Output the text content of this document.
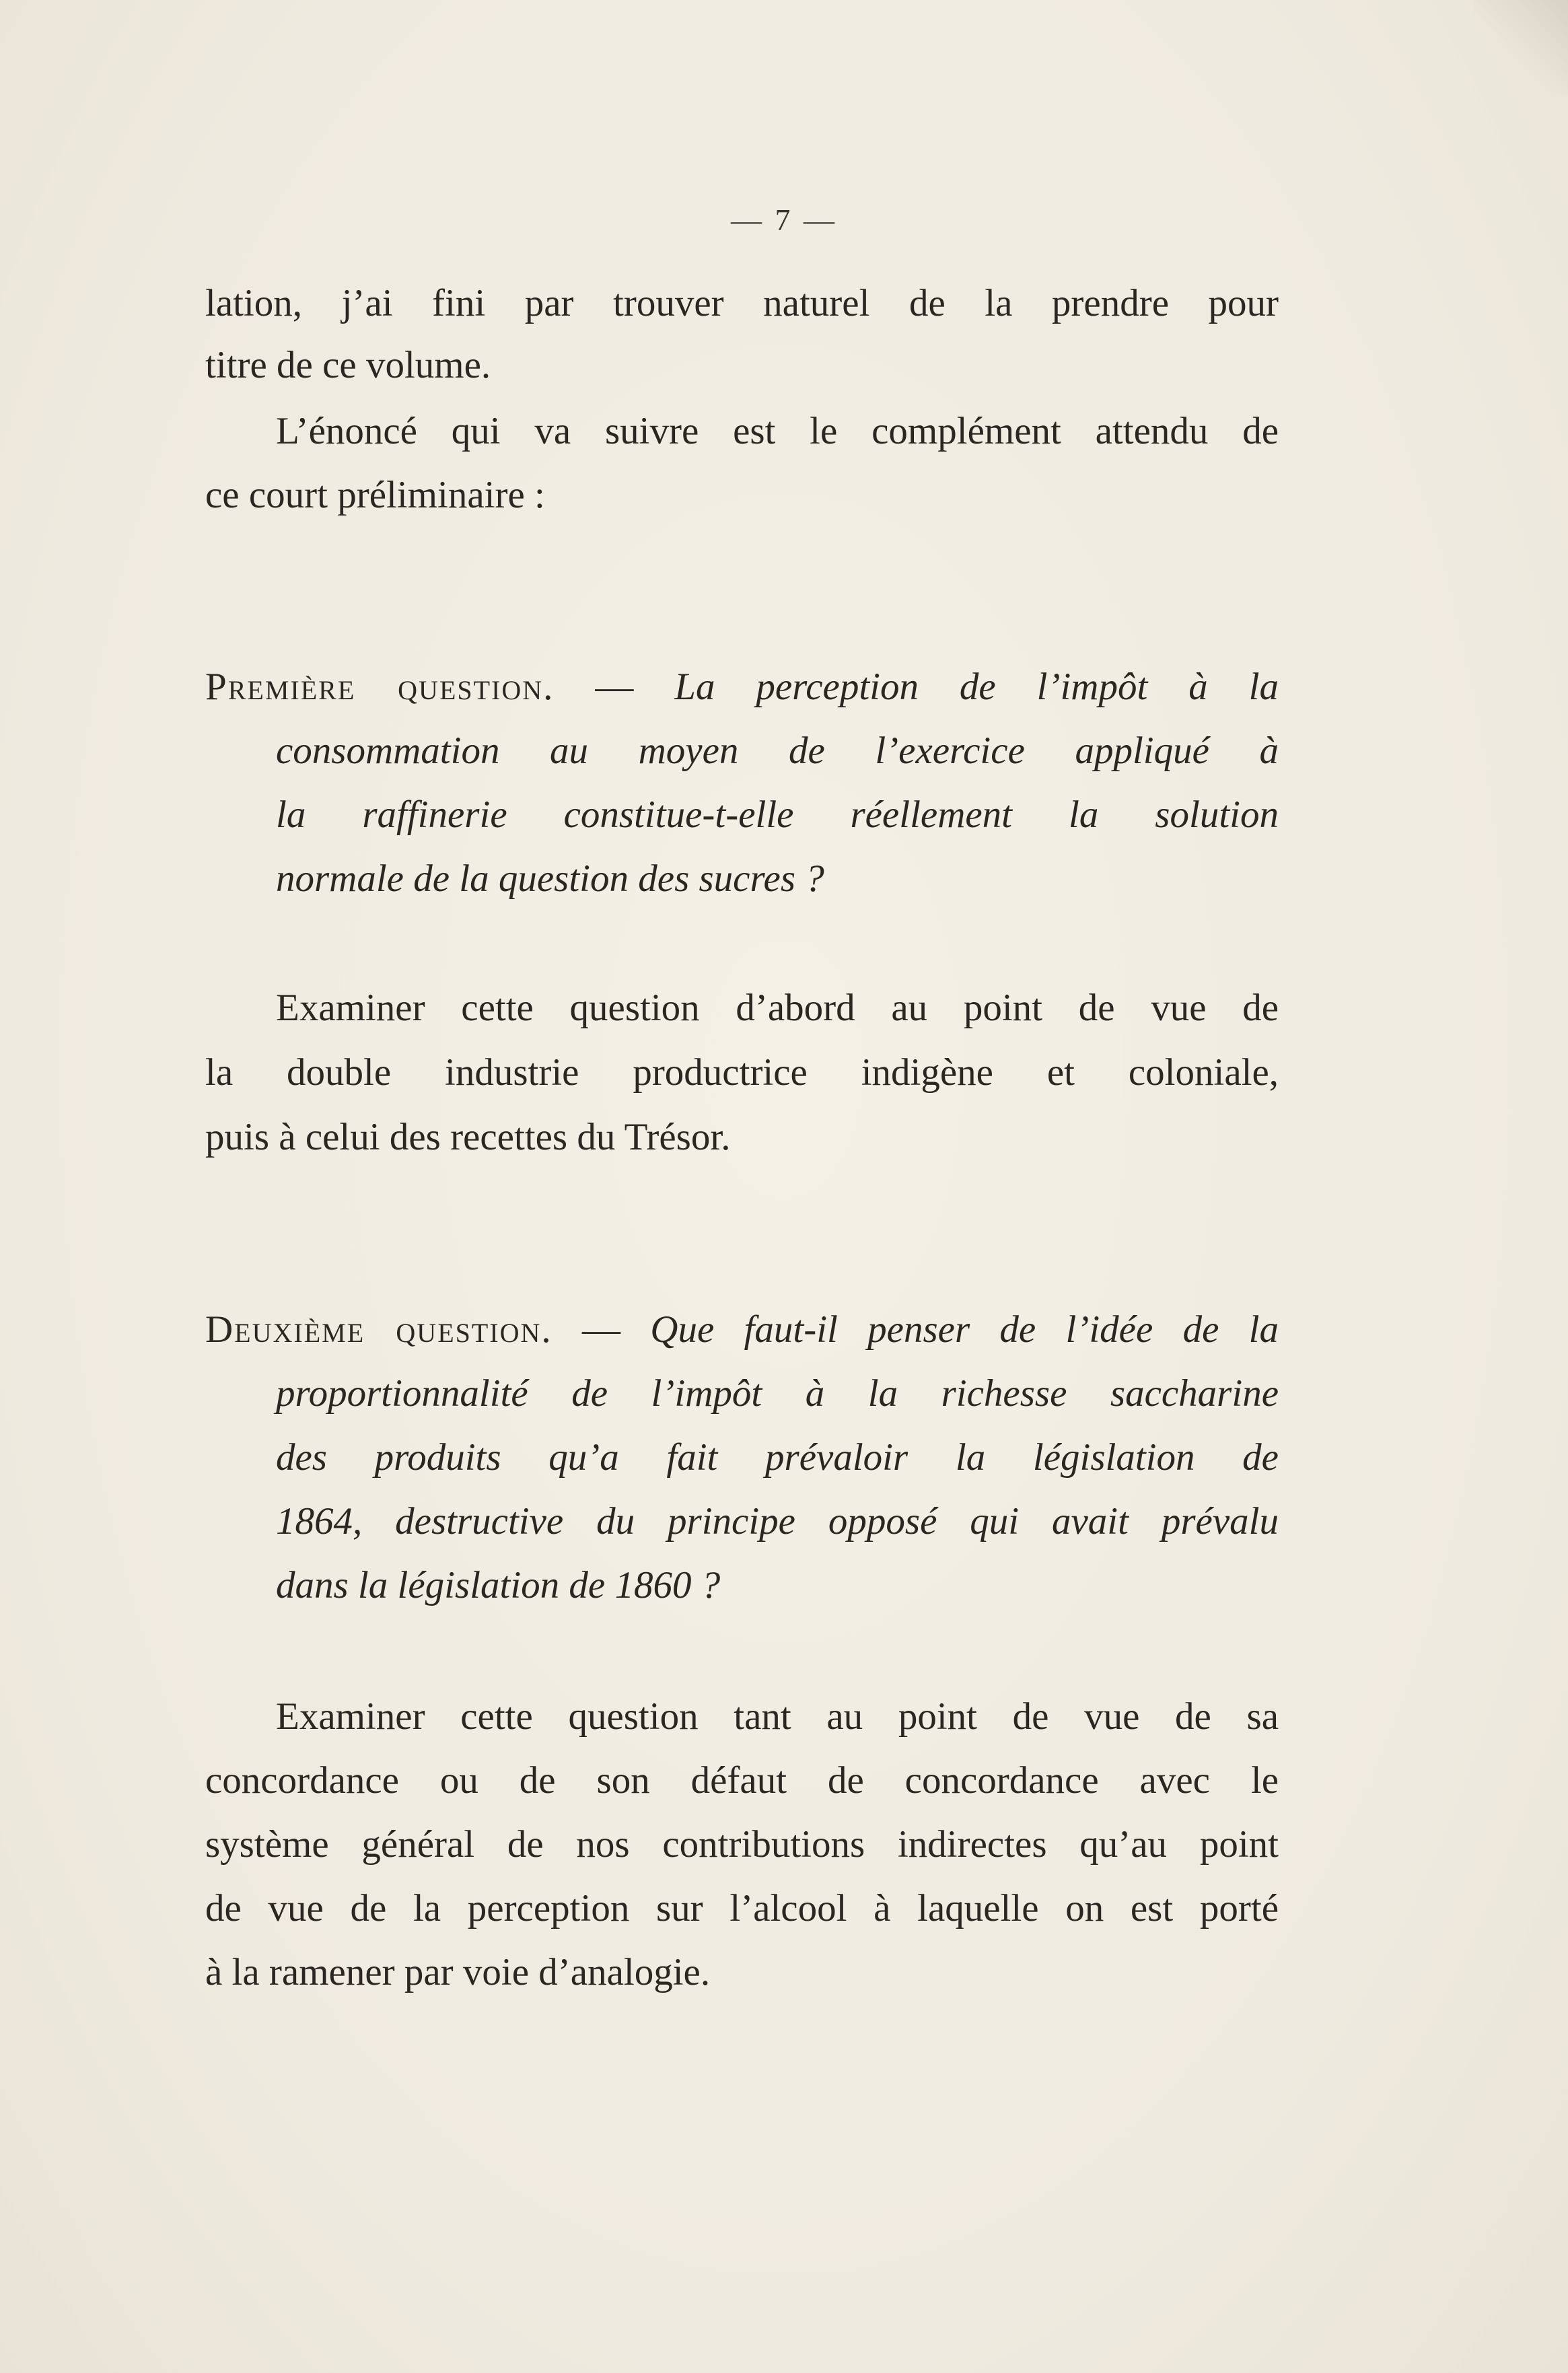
— 7 —
lation, j’ai fini par trouver naturel de la prendre pour
titre de ce volume.
L’énoncé qui va suivre est le complément attendu de
ce court préliminaire :
Première question. — La perception de l’impôt à la
consommation au moyen de l’exercice appliqué à
la raffinerie constitue-t-elle réellement la solution
normale de la question des sucres ?
Examiner cette question d’abord au point de vue de
la double industrie productrice indigène et coloniale,
puis à celui des recettes du Trésor.
Deuxième question. — Que faut-il penser de l’idée de la
proportionnalité de l’impôt à la richesse saccharine
des produits qu’a fait prévaloir la législation de
1864, destructive du principe opposé qui avait prévalu
dans la législation de 1860 ?
Examiner cette question tant au point de vue de sa
concordance ou de son défaut de concordance avec le
système général de nos contributions indirectes qu’au point
de vue de la perception sur l’alcool à laquelle on est porté
à la ramener par voie d’analogie.
